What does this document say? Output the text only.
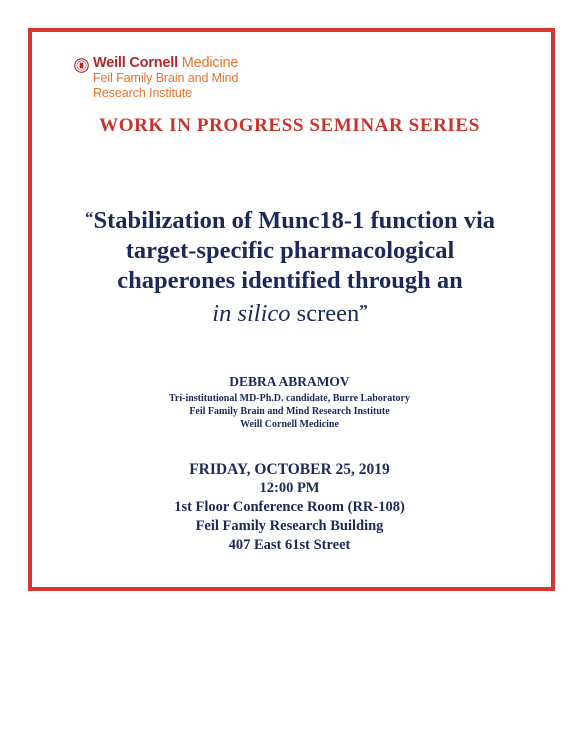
Weill Cornell Medicine
Feil Family Brain and Mind
Research Institute
WORK IN PROGRESS SEMINAR SERIES
“Stabilization of Munc18-1 function via
target-specific pharmacological
chaperones identified through an
in silico screen”
DEBRA ABRAMOV
Tri-institutional MD-Ph.D. candidate, Burre Laboratory
Feil Family Brain and Mind Research Institute
Weill Cornell Medicine
FRIDAY, OCTOBER 25, 2019
12:00 PM
1st Floor Conference Room (RR-108)
Feil Family Research Building
407 East 61st Street
